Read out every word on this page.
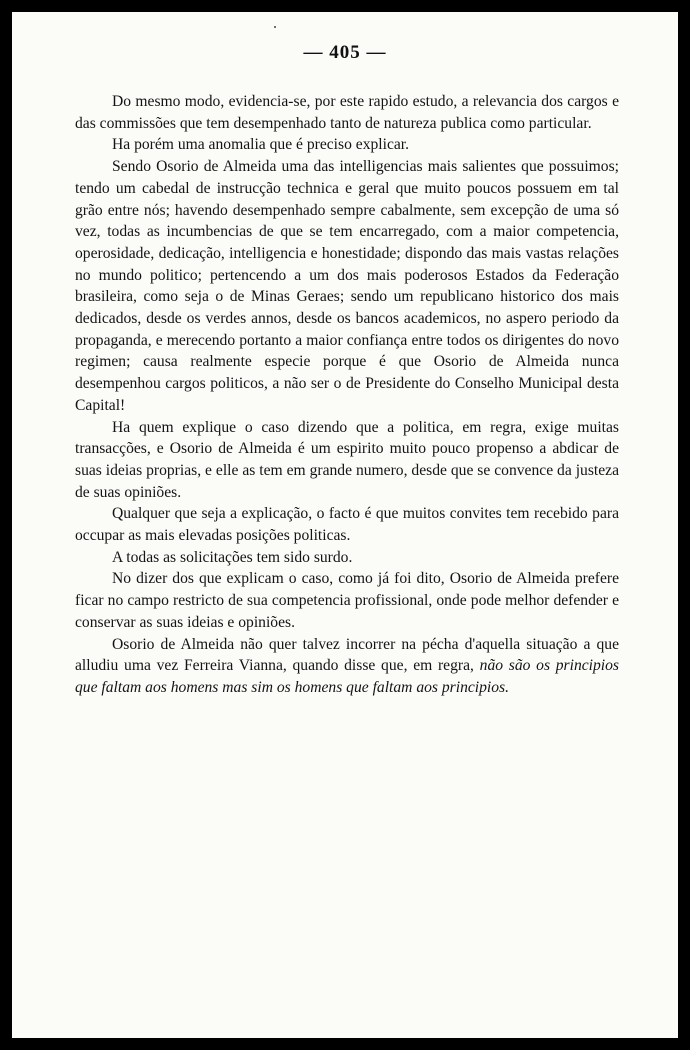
— 405 —

Do mesmo modo, evidencia-se, por este rapido estudo, a relevancia dos cargos e das commissões que tem desempenhado tanto de natureza publica como particular.

Ha porém uma anomalia que é preciso explicar.

Sendo Osorio de Almeida uma das intelligencias mais salientes que possuimos; tendo um cabedal de instrucção technica e geral que muito poucos possuem em tal grão entre nós; havendo desempenhado sempre cabalmente, sem excepção de uma só vez, todas as incumbencias de que se tem encarregado, com a maior competencia, operosidade, dedicação, intelligencia e honestidade; dispondo das mais vastas relações no mundo politico; pertencendo a um dos mais poderosos Estados da Federação brasileira, como seja o de Minas Geraes; sendo um republicano historico dos mais dedicados, desde os verdes annos, desde os bancos academicos, no aspero periodo da propaganda, e merecendo portanto a maior confiança entre todos os dirigentes do novo regimen; causa realmente especie porque é que Osorio de Almeida nunca desempenhou cargos politicos, a não ser o de Presidente do Conselho Municipal desta Capital!

Ha quem explique o caso dizendo que a politica, em regra, exige muitas transacções, e Osorio de Almeida é um espirito muito pouco propenso a abdicar de suas ideias proprias, e elle as tem em grande numero, desde que se convence da justeza de suas opiniões.

Qualquer que seja a explicação, o facto é que muitos convites tem recebido para occupar as mais elevadas posições politicas.

A todas as solicitações tem sido surdo.

No dizer dos que explicam o caso, como já foi dito, Osorio de Almeida prefere ficar no campo restricto de sua competencia profissional, onde pode melhor defender e conservar as suas ideias e opiniões.

Osorio de Almeida não quer talvez incorrer na pécha d'aquella situação a que alludiu uma vez Ferreira Vianna, quando disse que, em regra, não são os principios que faltam aos homens mas sim os homens que faltam aos principios.
